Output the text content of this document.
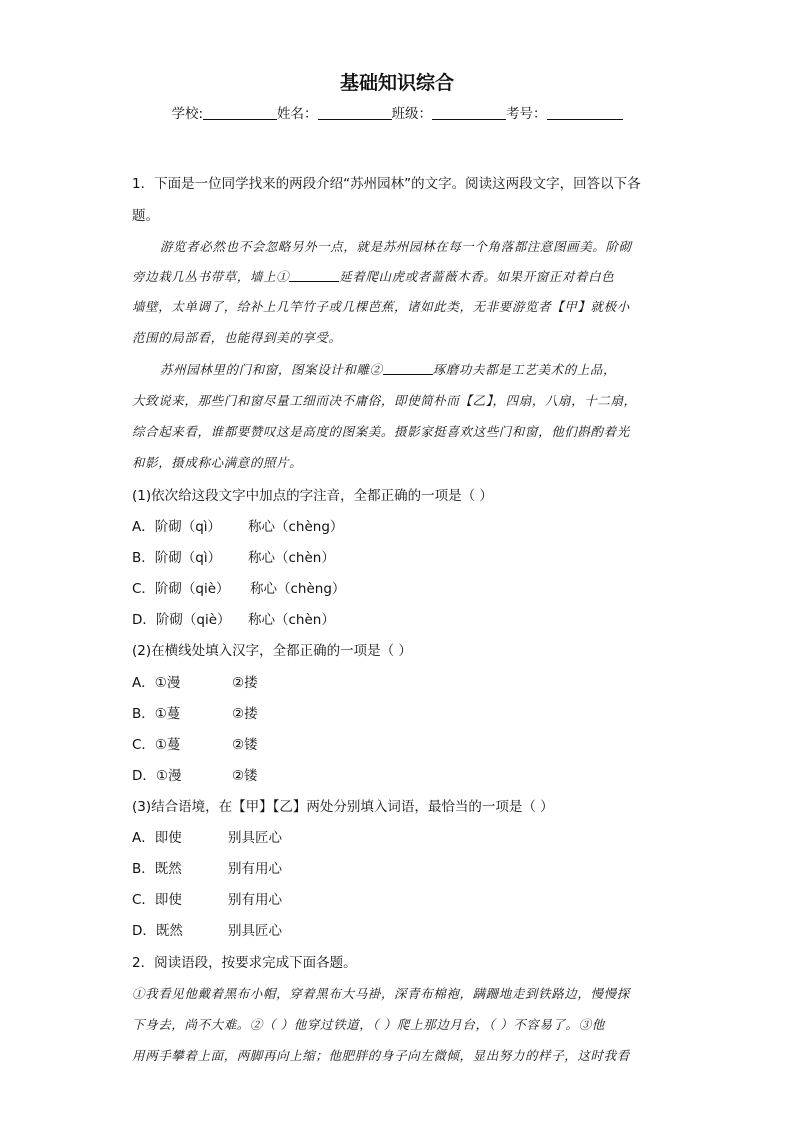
基础知识综合
学校:	姓名：	班级：	考号：
1．下面是一位同学找来的两段介绍“苏州园林”的文字。阅读这两段文字，回答以下各
题。
游览者必然也不会忽略另外一点，就是苏州园林在每一个角落都注意图画美。阶砌
旁边栽几丛书带草，墙上①	延着爬山虎或者蔷薇木香。如果开窗正对着白色
墙壁，太单调了，给补上几竿竹子或几棵芭蕉，诸如此类，无非要游览者【甲】就极小
范围的局部看，也能得到美的享受。
苏州园林里的门和窗，图案设计和雕②	琢磨功夫都是工艺美术的上品，
大致说来，那些门和窗尽量工细而决不庸俗，即使简朴而【乙】，四扇，八扇，十二扇，
综合起来看，谁都要赞叹这是高度的图案美。摄影家挺喜欢这些门和窗，他们斟酌着光
和影，摄成称心满意的照片。
(1)依次给这段文字中加点的字注音，全都正确的一项是（ ）
A．阶砌（qì） 称心（chèng）
B．阶砌（qì） 称心（chèn）
C．阶砌（qiè） 称心（chèng）
D．阶砌（qiè） 称心（chèn）
(2)在横线处填入汉字，全都正确的一项是（ ）
A．①漫	②搂
B．①蔓	②搂
C．①蔓	②镂
D．①漫	②镂
(3)结合语境，在【甲】【乙】两处分别填入词语，最恰当的一项是（ ）
A．即使	别具匠心
B．既然	别有用心
C．即使	别有用心
D．既然	别具匠心
2．阅读语段，按要求完成下面各题。
①我看见他戴着黑布小帽，穿着黑布大马褂，深青布棉袍，蹒跚地走到铁路边，慢慢探
下身去，尚不大难。②（ ）他穿过铁道，（ ）爬上那边月台，（ ）不容易了。③他
用两手攀着上面，两脚再向上缩；他肥胖的身子向左微倾，显出努力的样子，这时我看
